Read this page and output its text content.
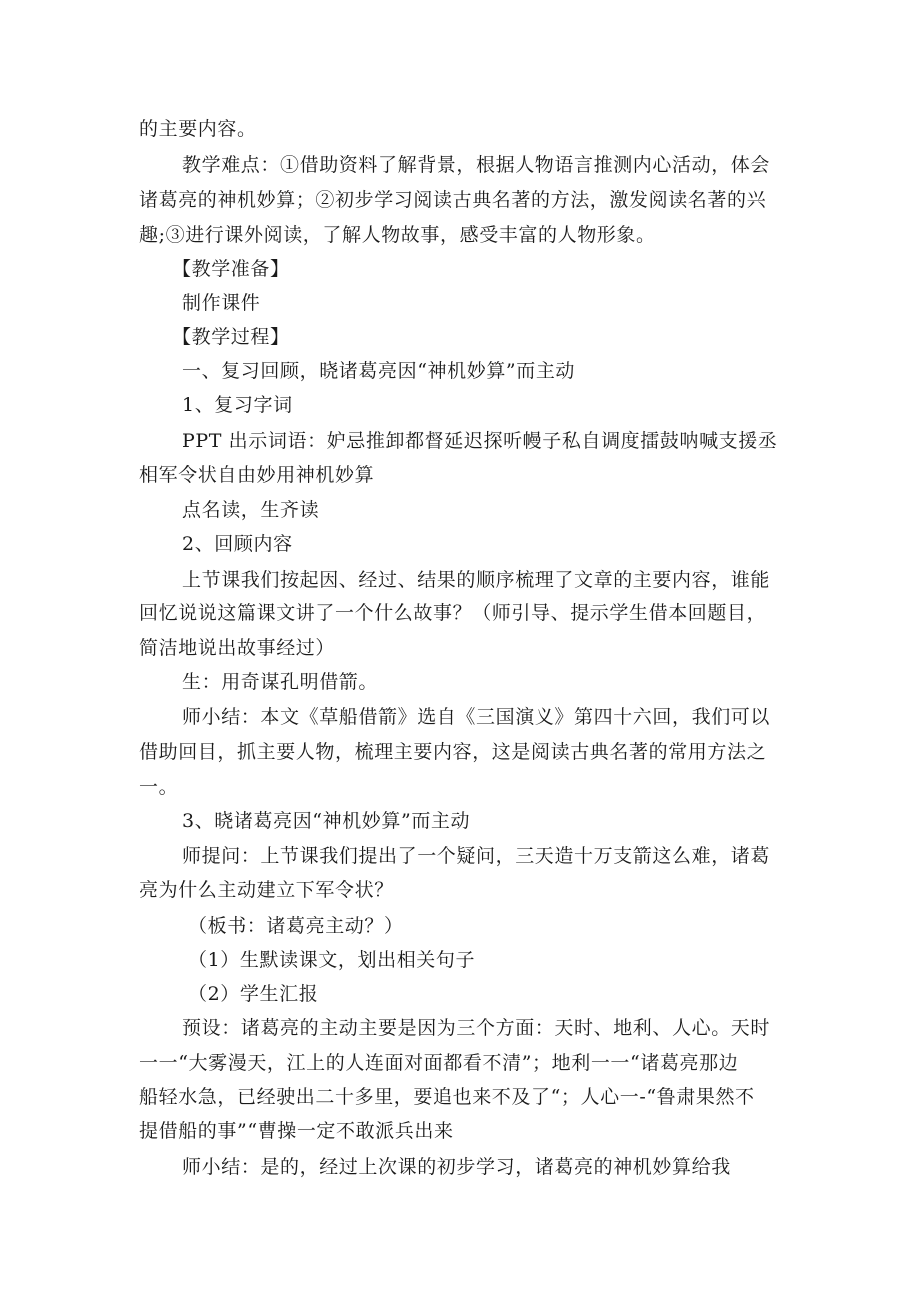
的主要内容。
教学难点：①借助资料了解背景，根据人物语言推测内心活动，体会
诸葛亮的神机妙算；②初步学习阅读古典名著的方法，激发阅读名著的兴
趣;③进行课外阅读，了解人物故事，感受丰富的人物形象。
【教学准备】
制作课件
【教学过程】
一、复习回顾，晓诸葛亮因“神机妙算”而主动
1、复习字词
PPT 出示词语：妒忌推卸都督延迟探听幔子私自调度擂鼓呐喊支援丞
相军令状自由妙用神机妙算
点名读，生齐读
2、回顾内容
上节课我们按起因、经过、结果的顺序梳理了文章的主要内容，谁能
回忆说说这篇课文讲了一个什么故事？（师引导、提示学生借本回题目，
简洁地说出故事经过）
生：用奇谋孔明借箭。
师小结：本文《草船借箭》选自《三国演义》第四十六回，我们可以
借助回目，抓主要人物，梳理主要内容，这是阅读古典名著的常用方法之
一。
3、晓诸葛亮因“神机妙算”而主动
师提问：上节课我们提出了一个疑问，三天造十万支箭这么难，诸葛
亮为什么主动建立下军令状？
（板书：诸葛亮主动？）
（1）生默读课文，划出相关句子
（2）学生汇报
预设：诸葛亮的主动主要是因为三个方面：天时、地利、人心。天时
一一“大雾漫天，江上的人连面对面都看不清”；地利一一“诸葛亮那边
船轻水急，已经驶出二十多里，要追也来不及了“；人心一-“鲁肃果然不
提借船的事”“曹操一定不敢派兵出来
师小结：是的，经过上次课的初步学习，诸葛亮的神机妙算给我
